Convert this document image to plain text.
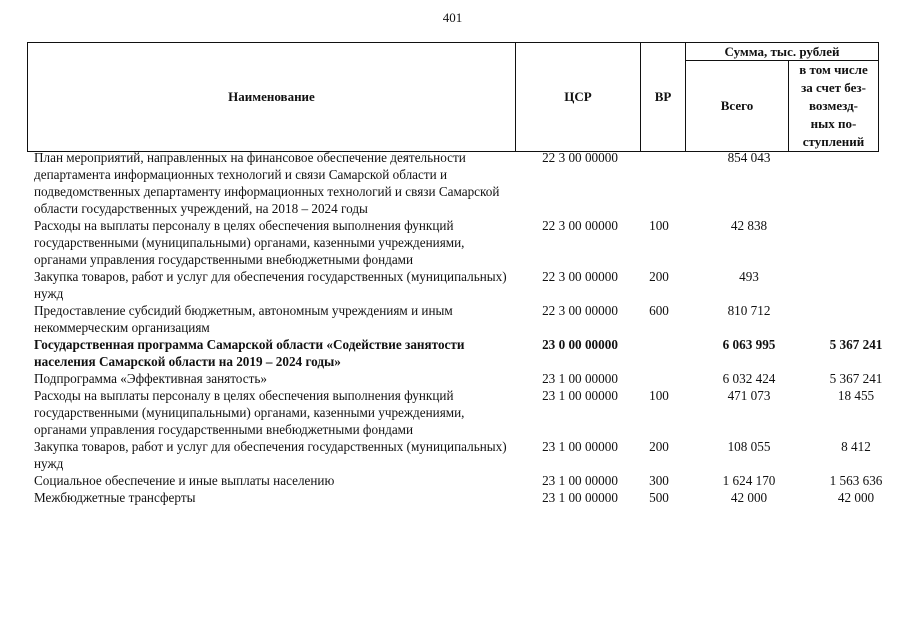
401
Наименование	ЦСР	ВР	Сумма, тыс. рублей	
			Всего	в том числе
за счет без-
возмезд-
ных по-
ступлений
План мероприятий, направленных на финансовое обеспечение деятельности департамента информационных технологий и связи Самарской области и подведомственных департаменту информационных технологий и связи Самарской области государственных учреждений, на 2018 – 2024 годы	22 3 00 00000		854 043	
Расходы на выплаты персоналу в целях обеспечения выполнения функций государственными (муниципальными) органами, казенными учреждениями, органами управления государственными внебюджетными фондами	22 3 00 00000	100	42 838	
Закупка товаров, работ и услуг для обеспечения государственных (муниципальных) нужд	22 3 00 00000	200	493	
Предоставление субсидий бюджетным, автономным учреждениям и иным некоммерческим организациям	22 3 00 00000	600	810 712	
Государственная программа Самарской области «Содействие занятости населения Самарской области на 2019 – 2024 годы»	23 0 00 00000		6 063 995	5 367 241
Подпрограмма «Эффективная занятость»	23 1 00 00000		6 032 424	5 367 241
Расходы на выплаты персоналу в целях обеспечения выполнения функций государственными (муниципальными) органами, казенными учреждениями, органами управления государственными внебюджетными фондами	23 1 00 00000	100	471 073	18 455
Закупка товаров, работ и услуг для обеспечения государственных (муниципальных) нужд	23 1 00 00000	200	108 055	8 412
Социальное обеспечение и иные выплаты населению	23 1 00 00000	300	1 624 170	1 563 636
Межбюджетные трансферты	23 1 00 00000	500	42 000	42 000
